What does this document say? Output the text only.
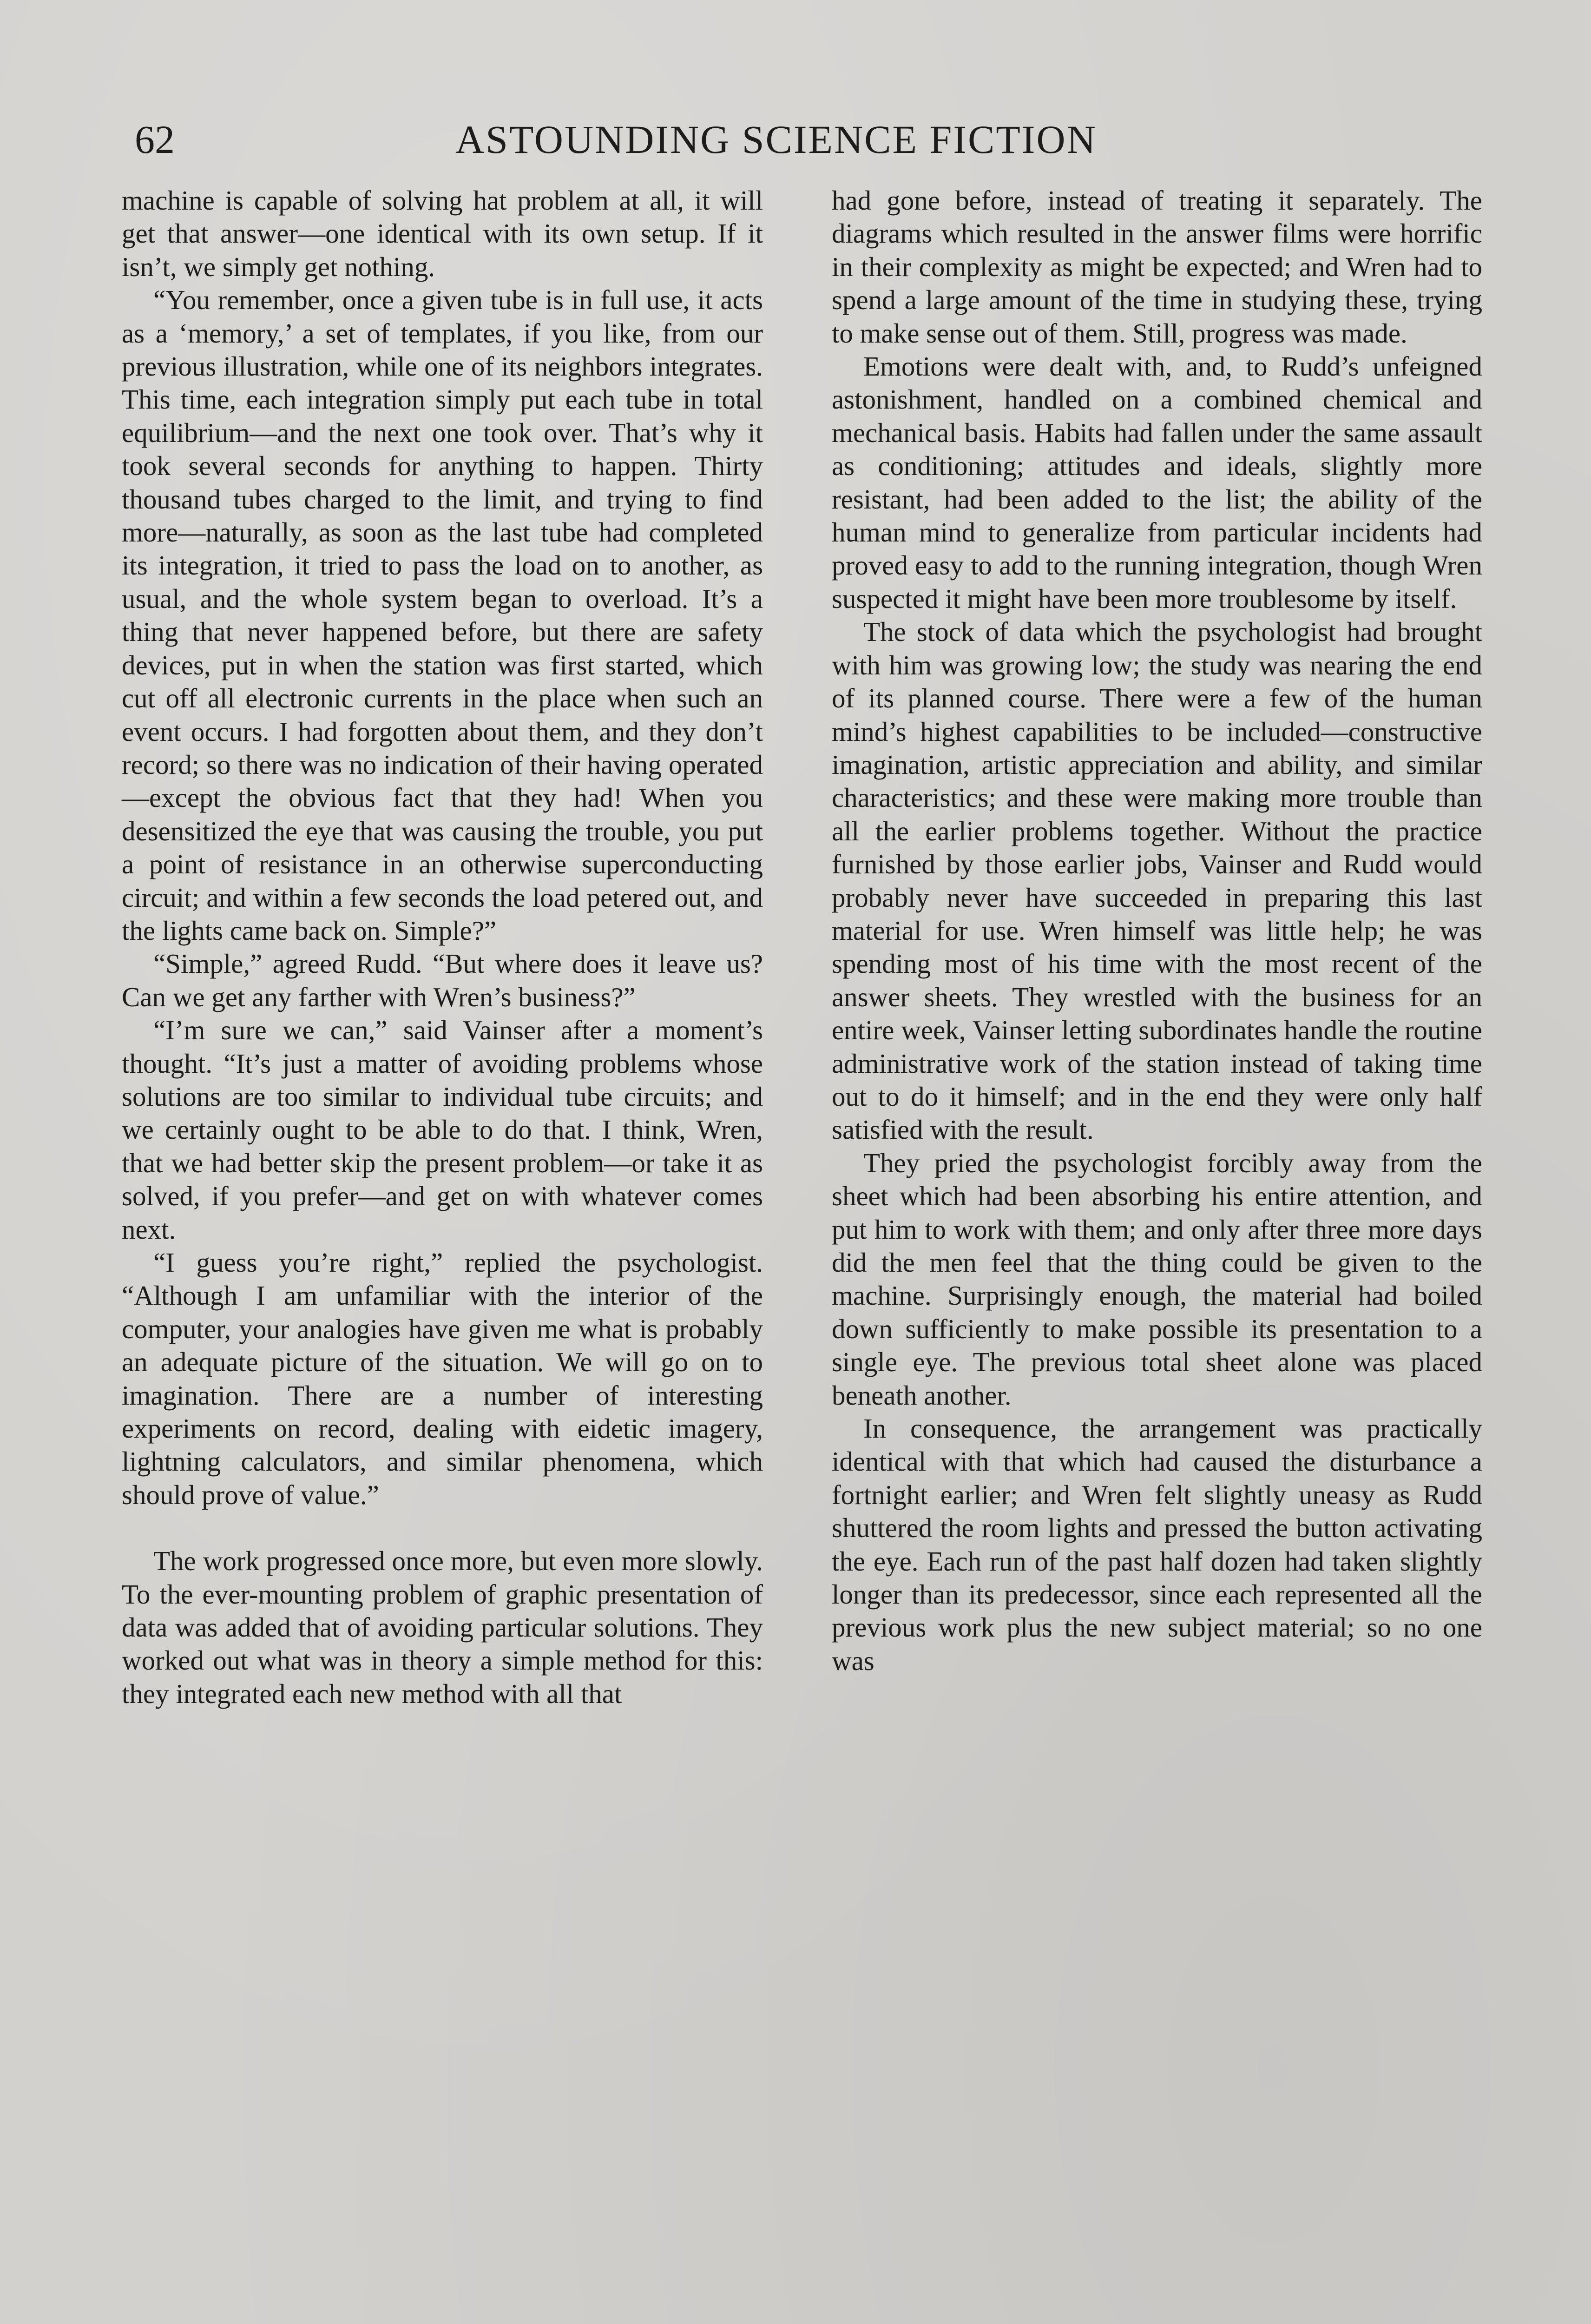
62	ASTOUNDING SCIENCE FICTION

machine is capable of solving hat problem at all, it will get that answer—one identical with its own setup. If it isn’t, we simply get nothing.

“You remember, once a given tube is in full use, it acts as a ‘memory,’ a set of templates, if you like, from our previous illustration, while one of its neighbors integrates. This time, each integration simply put each tube in total equilibrium—and the next one took over. That’s why it took several seconds for anything to happen. Thirty thousand tubes charged to the limit, and trying to find more—naturally, as soon as the last tube had completed its integration, it tried to pass the load on to another, as usual, and the whole system began to overload. It’s a thing that never happened before, but there are safety devices, put in when the station was first started, which cut off all electronic currents in the place when such an event occurs. I had forgotten about them, and they don’t record; so there was no indication of their having operated—except the obvious fact that they had! When you desensitized the eye that was causing the trouble, you put a point of resistance in an otherwise superconducting circuit; and within a few seconds the load petered out, and the lights came back on. Simple?”

“Simple,” agreed Rudd. “But where does it leave us? Can we get any farther with Wren’s business?”

“I’m sure we can,” said Vainser after a moment’s thought. “It’s just a matter of avoiding problems whose solutions are too similar to individual tube circuits; and we certainly ought to be able to do that. I think, Wren, that we had better skip the present problem—or take it as solved, if you prefer—and get on with whatever comes next.

“I guess you’re right,” replied the psychologist. “Although I am unfamiliar with the interior of the computer, your analogies have given me what is probably an adequate picture of the situation. We will go on to imagination. There are a number of interesting experiments on record, dealing with eidetic imagery, lightning calculators, and similar phenomena, which should prove of value.”

The work progressed once more, but even more slowly. To the ever-mounting problem of graphic presentation of data was added that of avoiding particular solutions. They worked out what was in theory a simple method for this: they integrated each new method with all that

had gone before, instead of treating it separately. The diagrams which resulted in the answer films were horrific in their complexity as might be expected; and Wren had to spend a large amount of the time in studying these, trying to make sense out of them. Still, progress was made.

Emotions were dealt with, and, to Rudd’s unfeigned astonishment, handled on a combined chemical and mechanical basis. Habits had fallen under the same assault as conditioning; attitudes and ideals, slightly more resistant, had been added to the list; the ability of the human mind to generalize from particular incidents had proved easy to add to the running integration, though Wren suspected it might have been more troublesome by itself.

The stock of data which the psychologist had brought with him was growing low; the study was nearing the end of its planned course. There were a few of the human mind’s highest capabilities to be included—constructive imagination, artistic appreciation and ability, and similar characteristics; and these were making more trouble than all the earlier problems together. Without the practice furnished by those earlier jobs, Vainser and Rudd would probably never have succeeded in preparing this last material for use. Wren himself was little help; he was spending most of his time with the most recent of the answer sheets. They wrestled with the business for an entire week, Vainser letting subordinates handle the routine administrative work of the station instead of taking time out to do it himself; and in the end they were only half satisfied with the result.

They pried the psychologist forcibly away from the sheet which had been absorbing his entire attention, and put him to work with them; and only after three more days did the men feel that the thing could be given to the machine. Surprisingly enough, the material had boiled down sufficiently to make possible its presentation to a single eye. The previous total sheet alone was placed beneath another.

In consequence, the arrangement was practically identical with that which had caused the disturbance a fortnight earlier; and Wren felt slightly uneasy as Rudd shuttered the room lights and pressed the button activating the eye. Each run of the past half dozen had taken slightly longer than its predecessor, since each represented all the previous work plus the new subject material; so no one was
